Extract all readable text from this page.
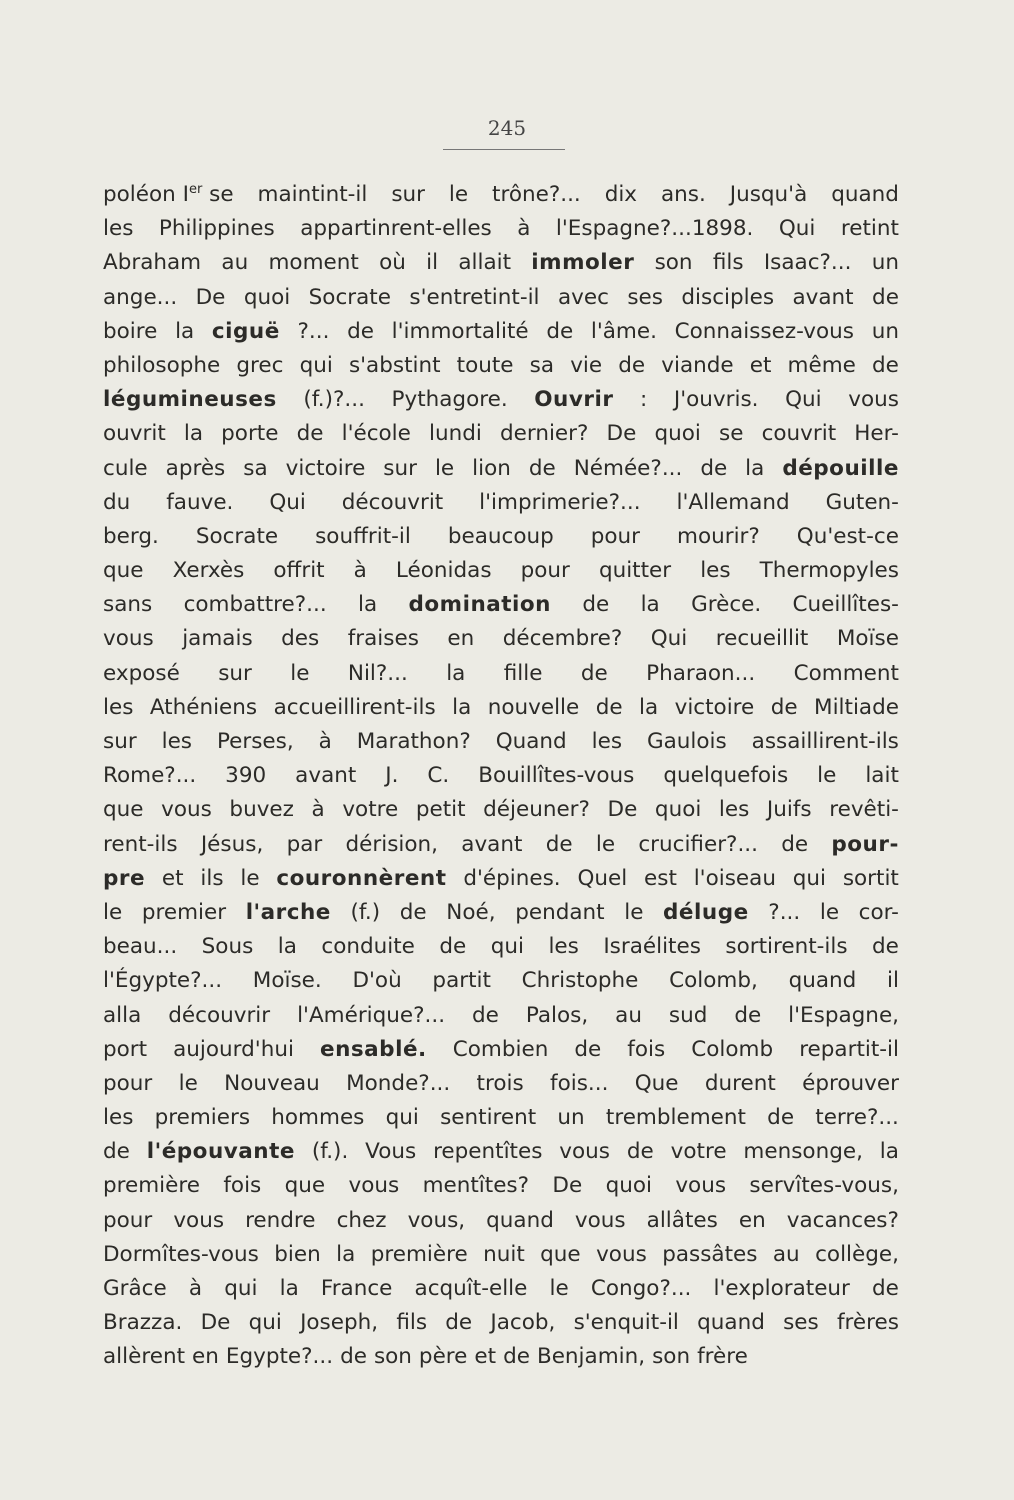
245
poléon Ier se maintint-il sur le trône?... dix ans. Jusqu'à quand
les Philippines appartinrent-elles à l'Espagne?...1898. Qui retint
Abraham au moment où il allait immoler son fils Isaac?... un
ange... De quoi Socrate s'entretint-il avec ses disciples avant de
boire la ciguë ?... de l'immortalité de l'âme. Connaissez-vous un
philosophe grec qui s'abstint toute sa vie de viande et même de
légumineuses (f.)?... Pythagore. Ouvrir : J'ouvris. Qui vous
ouvrit la porte de l'école lundi dernier? De quoi se couvrit Her-
cule après sa victoire sur le lion de Némée?... de la dépouille
du fauve. Qui découvrit l'imprimerie?... l'Allemand Guten-
berg. Socrate souffrit-il beaucoup pour mourir? Qu'est-ce
que Xerxès offrit à Léonidas pour quitter les Thermopyles
sans combattre?... la domination de la Grèce. Cueillîtes-
vous jamais des fraises en décembre? Qui recueillit Moïse
exposé sur le Nil?... la fille de Pharaon... Comment
les Athéniens accueillirent-ils la nouvelle de la victoire de Miltiade
sur les Perses, à Marathon? Quand les Gaulois assaillirent-ils
Rome?... 390 avant J. C. Bouillîtes-vous quelquefois le lait
que vous buvez à votre petit déjeuner? De quoi les Juifs revêti-
rent-ils Jésus, par dérision, avant de le crucifier?... de pour-
pre et ils le couronnèrent d'épines. Quel est l'oiseau qui sortit
le premier l'arche (f.) de Noé, pendant le déluge ?... le cor-
beau... Sous la conduite de qui les Israélites sortirent-ils de
l'Égypte?... Moïse. D'où partit Christophe Colomb, quand il
alla découvrir l'Amérique?... de Palos, au sud de l'Espagne,
port aujourd'hui ensablé. Combien de fois Colomb repartit-il
pour le Nouveau Monde?... trois fois... Que durent éprouver
les premiers hommes qui sentirent un tremblement de terre?...
de l'épouvante (f.). Vous repentîtes vous de votre mensonge, la
première fois que vous mentîtes? De quoi vous servîtes-vous,
pour vous rendre chez vous, quand vous allâtes en vacances?
Dormîtes-vous bien la première nuit que vous passâtes au collège,
Grâce à qui la France acquît-elle le Congo?... l'explorateur de
Brazza. De qui Joseph, fils de Jacob, s'enquit-il quand ses frères
allèrent en Egypte?... de son père et de Benjamin, son frère
